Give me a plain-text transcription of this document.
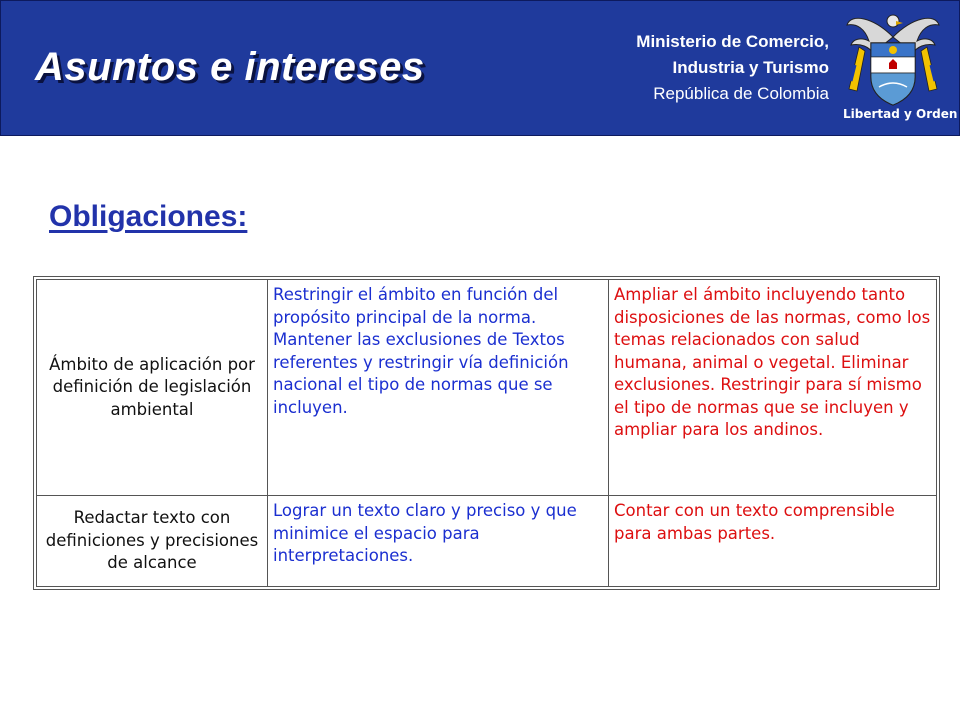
Asuntos e intereses
Ministerio de Comercio,
Industria y Turismo
República de Colombia
Libertad y Orden
Obligaciones:
Ámbito de aplicación por definición de legislación ambiental	Restringir el ámbito en función del propósito principal de la norma. Mantener las exclusiones de Textos referentes y restringir vía definición nacional el tipo de normas que se incluyen.	Ampliar el ámbito incluyendo tanto disposiciones de las normas, como los temas relacionados con salud humana, animal o vegetal. Eliminar exclusiones. Restringir para sí mismo el tipo de normas que se incluyen y ampliar para los andinos.
Redactar texto con definiciones y precisiones de alcance	Lograr un texto claro y preciso y que minimice el espacio para interpretaciones.	Contar con un texto comprensible para ambas partes.
